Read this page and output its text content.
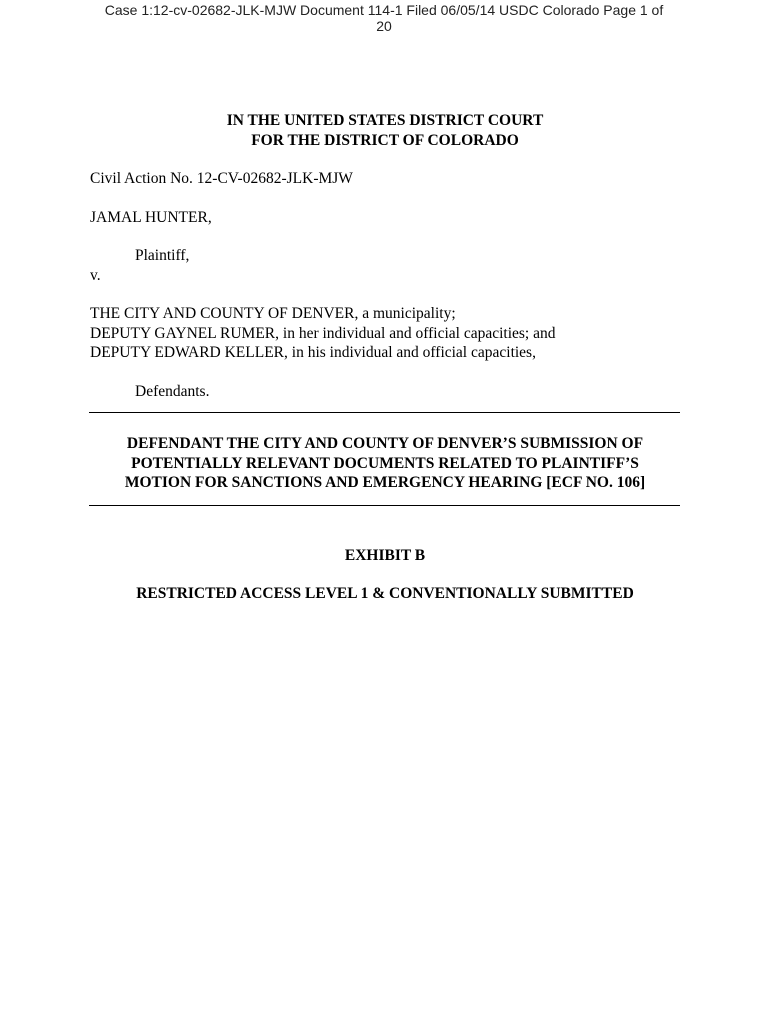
Case 1:12-cv-02682-JLK-MJW Document 114-1 Filed 06/05/14 USDC Colorado Page 1 of
20
IN THE UNITED STATES DISTRICT COURT
FOR THE DISTRICT OF COLORADO

Civil Action No. 12-CV-02682-JLK-MJW

JAMAL HUNTER,

Plaintiff,

v.

THE CITY AND COUNTY OF DENVER, a municipality;
DEPUTY GAYNEL RUMER, in her individual and official capacities; and
DEPUTY EDWARD KELLER, in his individual and official capacities,

Defendants.

DEFENDANT THE CITY AND COUNTY OF DENVER’S SUBMISSION OF
POTENTIALLY RELEVANT DOCUMENTS RELATED TO PLAINTIFF’S
MOTION FOR SANCTIONS AND EMERGENCY HEARING [ECF NO. 106]

EXHIBIT B

RESTRICTED ACCESS LEVEL 1 & CONVENTIONALLY SUBMITTED
